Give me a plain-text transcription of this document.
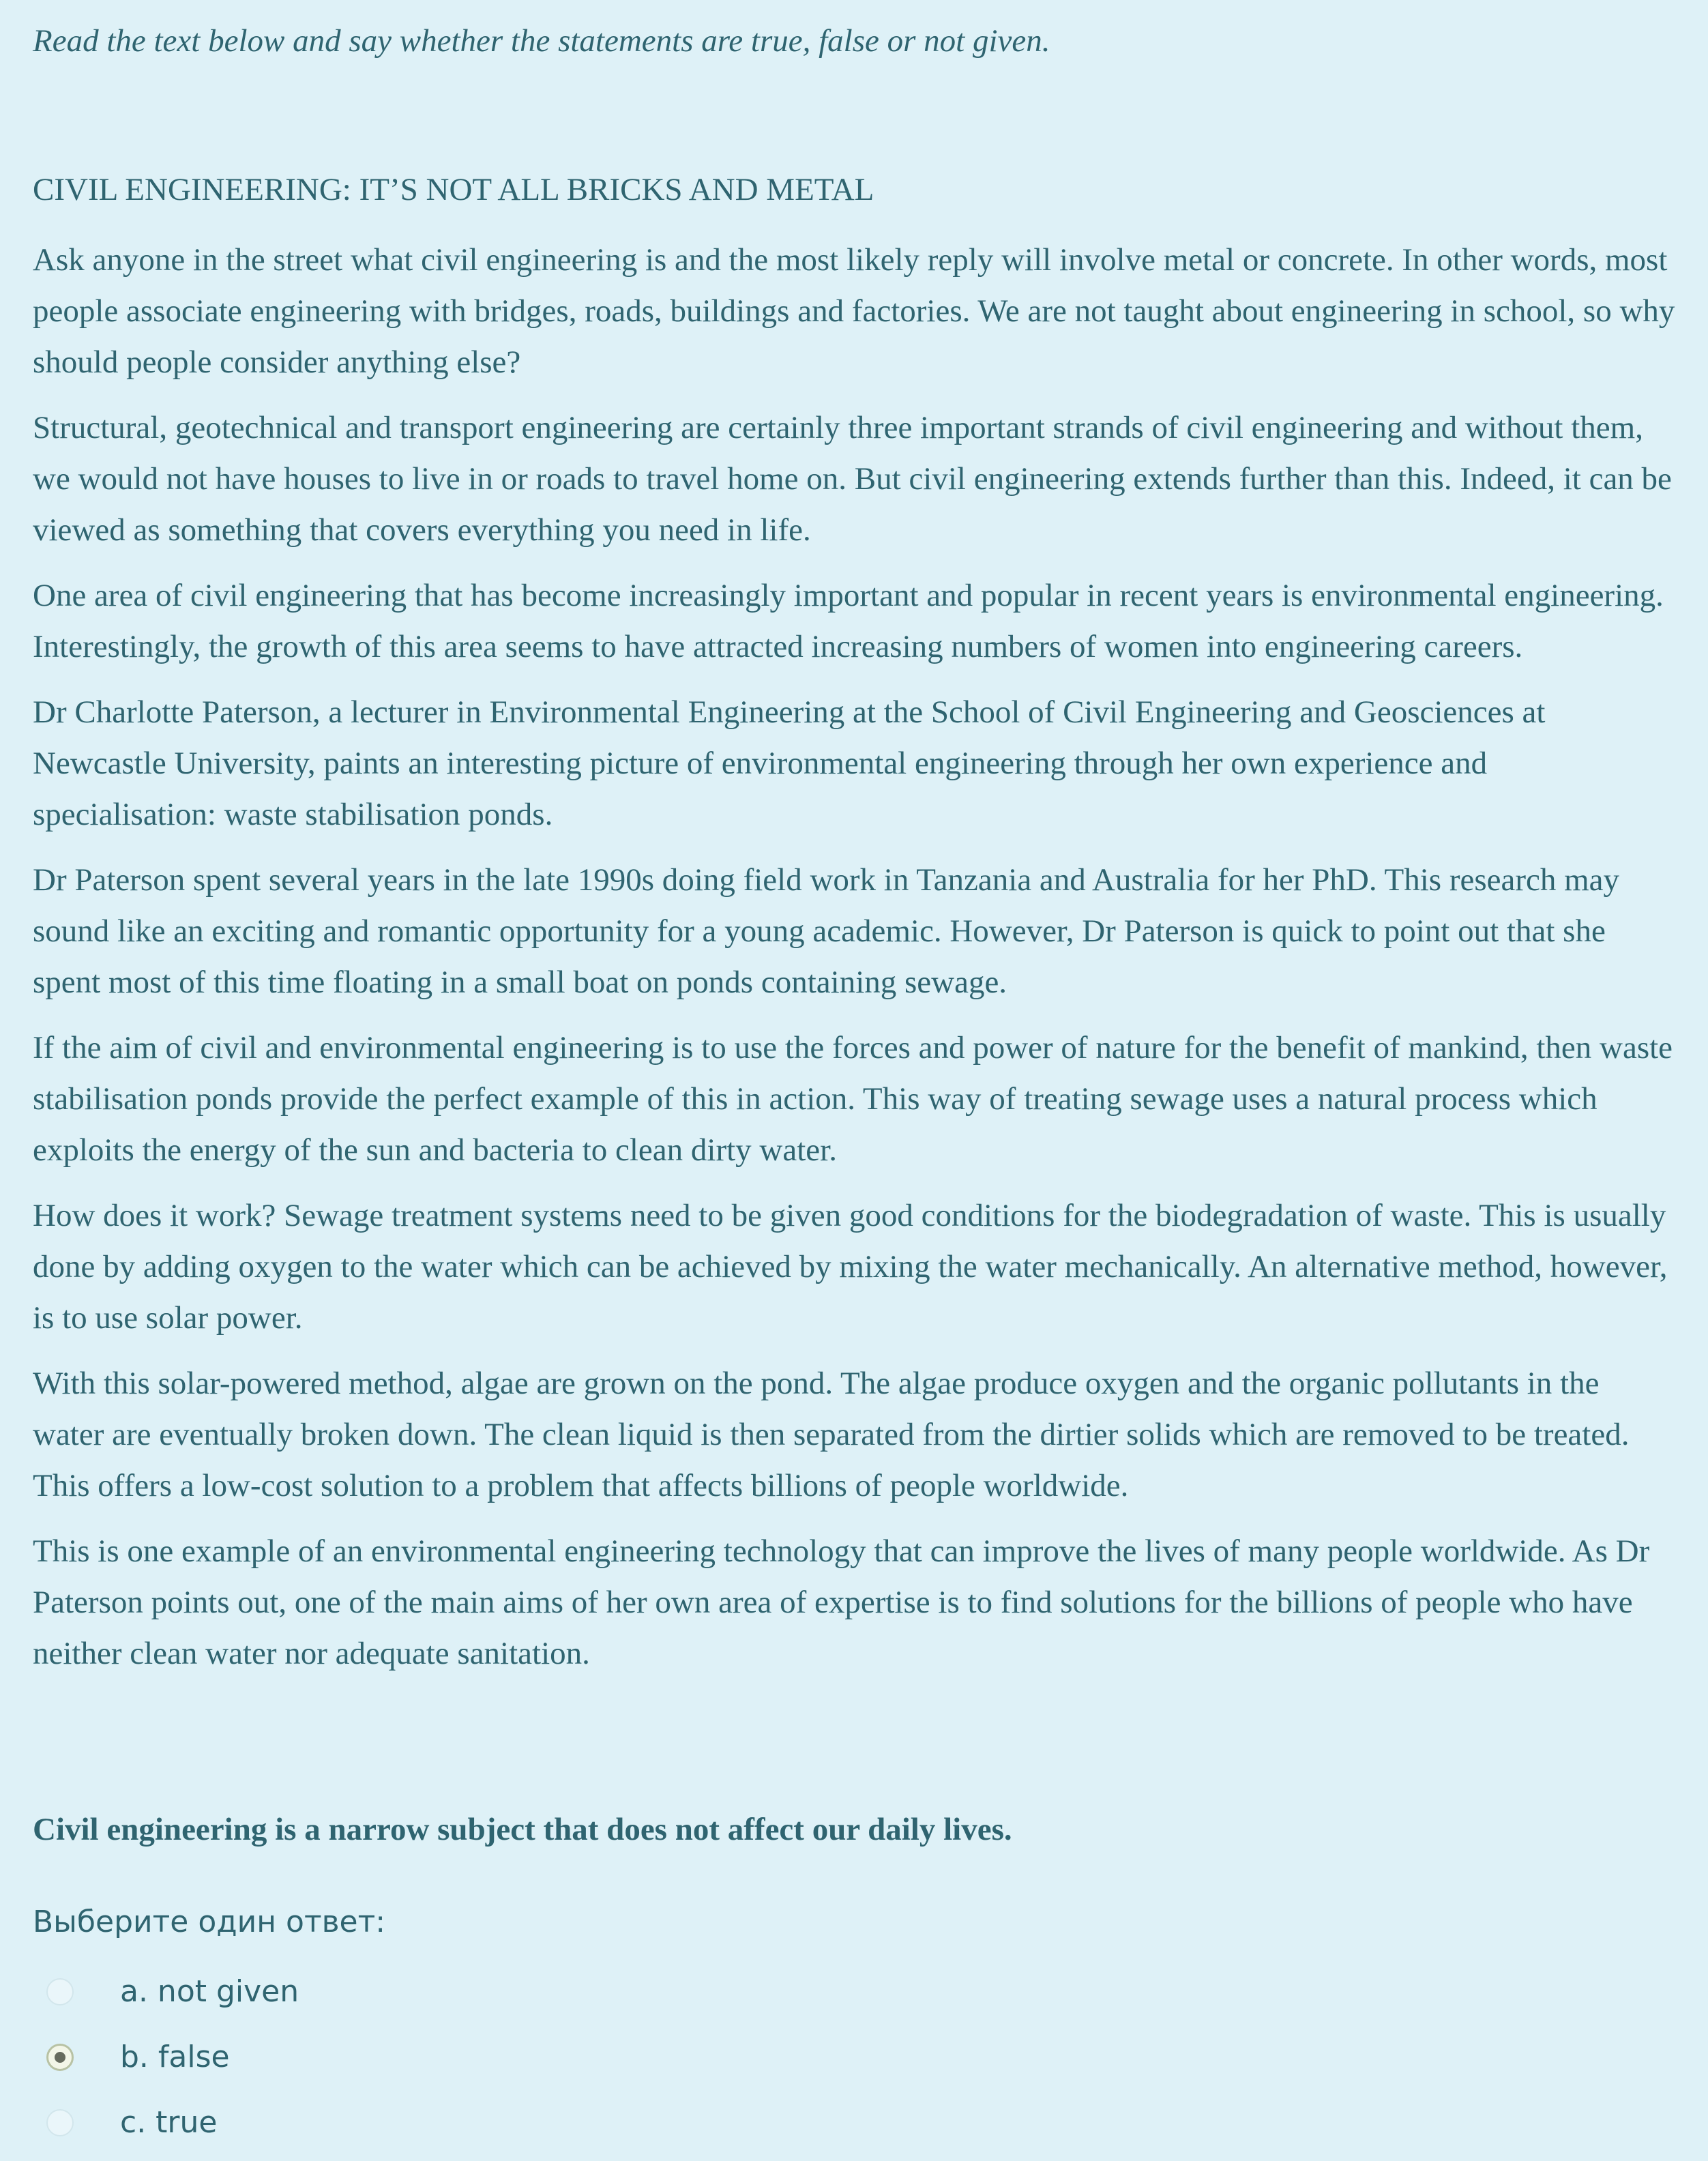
Read the text below and say whether the statements are true, false or not given.

CIVIL ENGINEERING: IT’S NOT ALL BRICKS AND METAL

Ask anyone in the street what civil engineering is and the most likely reply will involve metal or concrete. In other words, most people associate engineering with bridges, roads, buildings and factories. We are not taught about engineering in school, so why should people consider anything else?

Structural, geotechnical and transport engineering are certainly three important strands of civil engineering and without them, we would not have houses to live in or roads to travel home on. But civil engineering extends further than this. Indeed, it can be viewed as something that covers everything you need in life.

One area of civil engineering that has become increasingly important and popular in recent years is environmental engineering. Interestingly, the growth of this area seems to have attracted increasing numbers of women into engineering careers.

Dr Charlotte Paterson, a lecturer in Environmental Engineering at the School of Civil Engineering and Geosciences at Newcastle University, paints an interesting picture of environmental engineering through her own experience and specialisation: waste stabilisation ponds.

Dr Paterson spent several years in the late 1990s doing field work in Tanzania and Australia for her PhD. This research may sound like an exciting and romantic opportunity for a young academic. However, Dr Paterson is quick to point out that she spent most of this time floating in a small boat on ponds containing sewage.

If the aim of civil and environmental engineering is to use the forces and power of nature for the benefit of mankind, then waste stabilisation ponds provide the perfect example of this in action. This way of treating sewage uses a natural process which exploits the energy of the sun and bacteria to clean dirty water.

How does it work? Sewage treatment systems need to be given good conditions for the biodegradation of waste. This is usually done by adding oxygen to the water which can be achieved by mixing the water mechanically. An alternative method, however, is to use solar power.

With this solar-powered method, algae are grown on the pond. The algae produce oxygen and the organic pollutants in the water are eventually broken down. The clean liquid is then separated from the dirtier solids which are removed to be treated. This offers a low-cost solution to a problem that affects billions of people worldwide.

This is one example of an environmental engineering technology that can improve the lives of many people worldwide. As Dr Paterson points out, one of the main aims of her own area of expertise is to find solutions for the billions of people who have neither clean water nor adequate sanitation.

Civil engineering is a narrow subject that does not affect our daily lives.

Выберите один ответ:

a. not given
b. false
c. true
